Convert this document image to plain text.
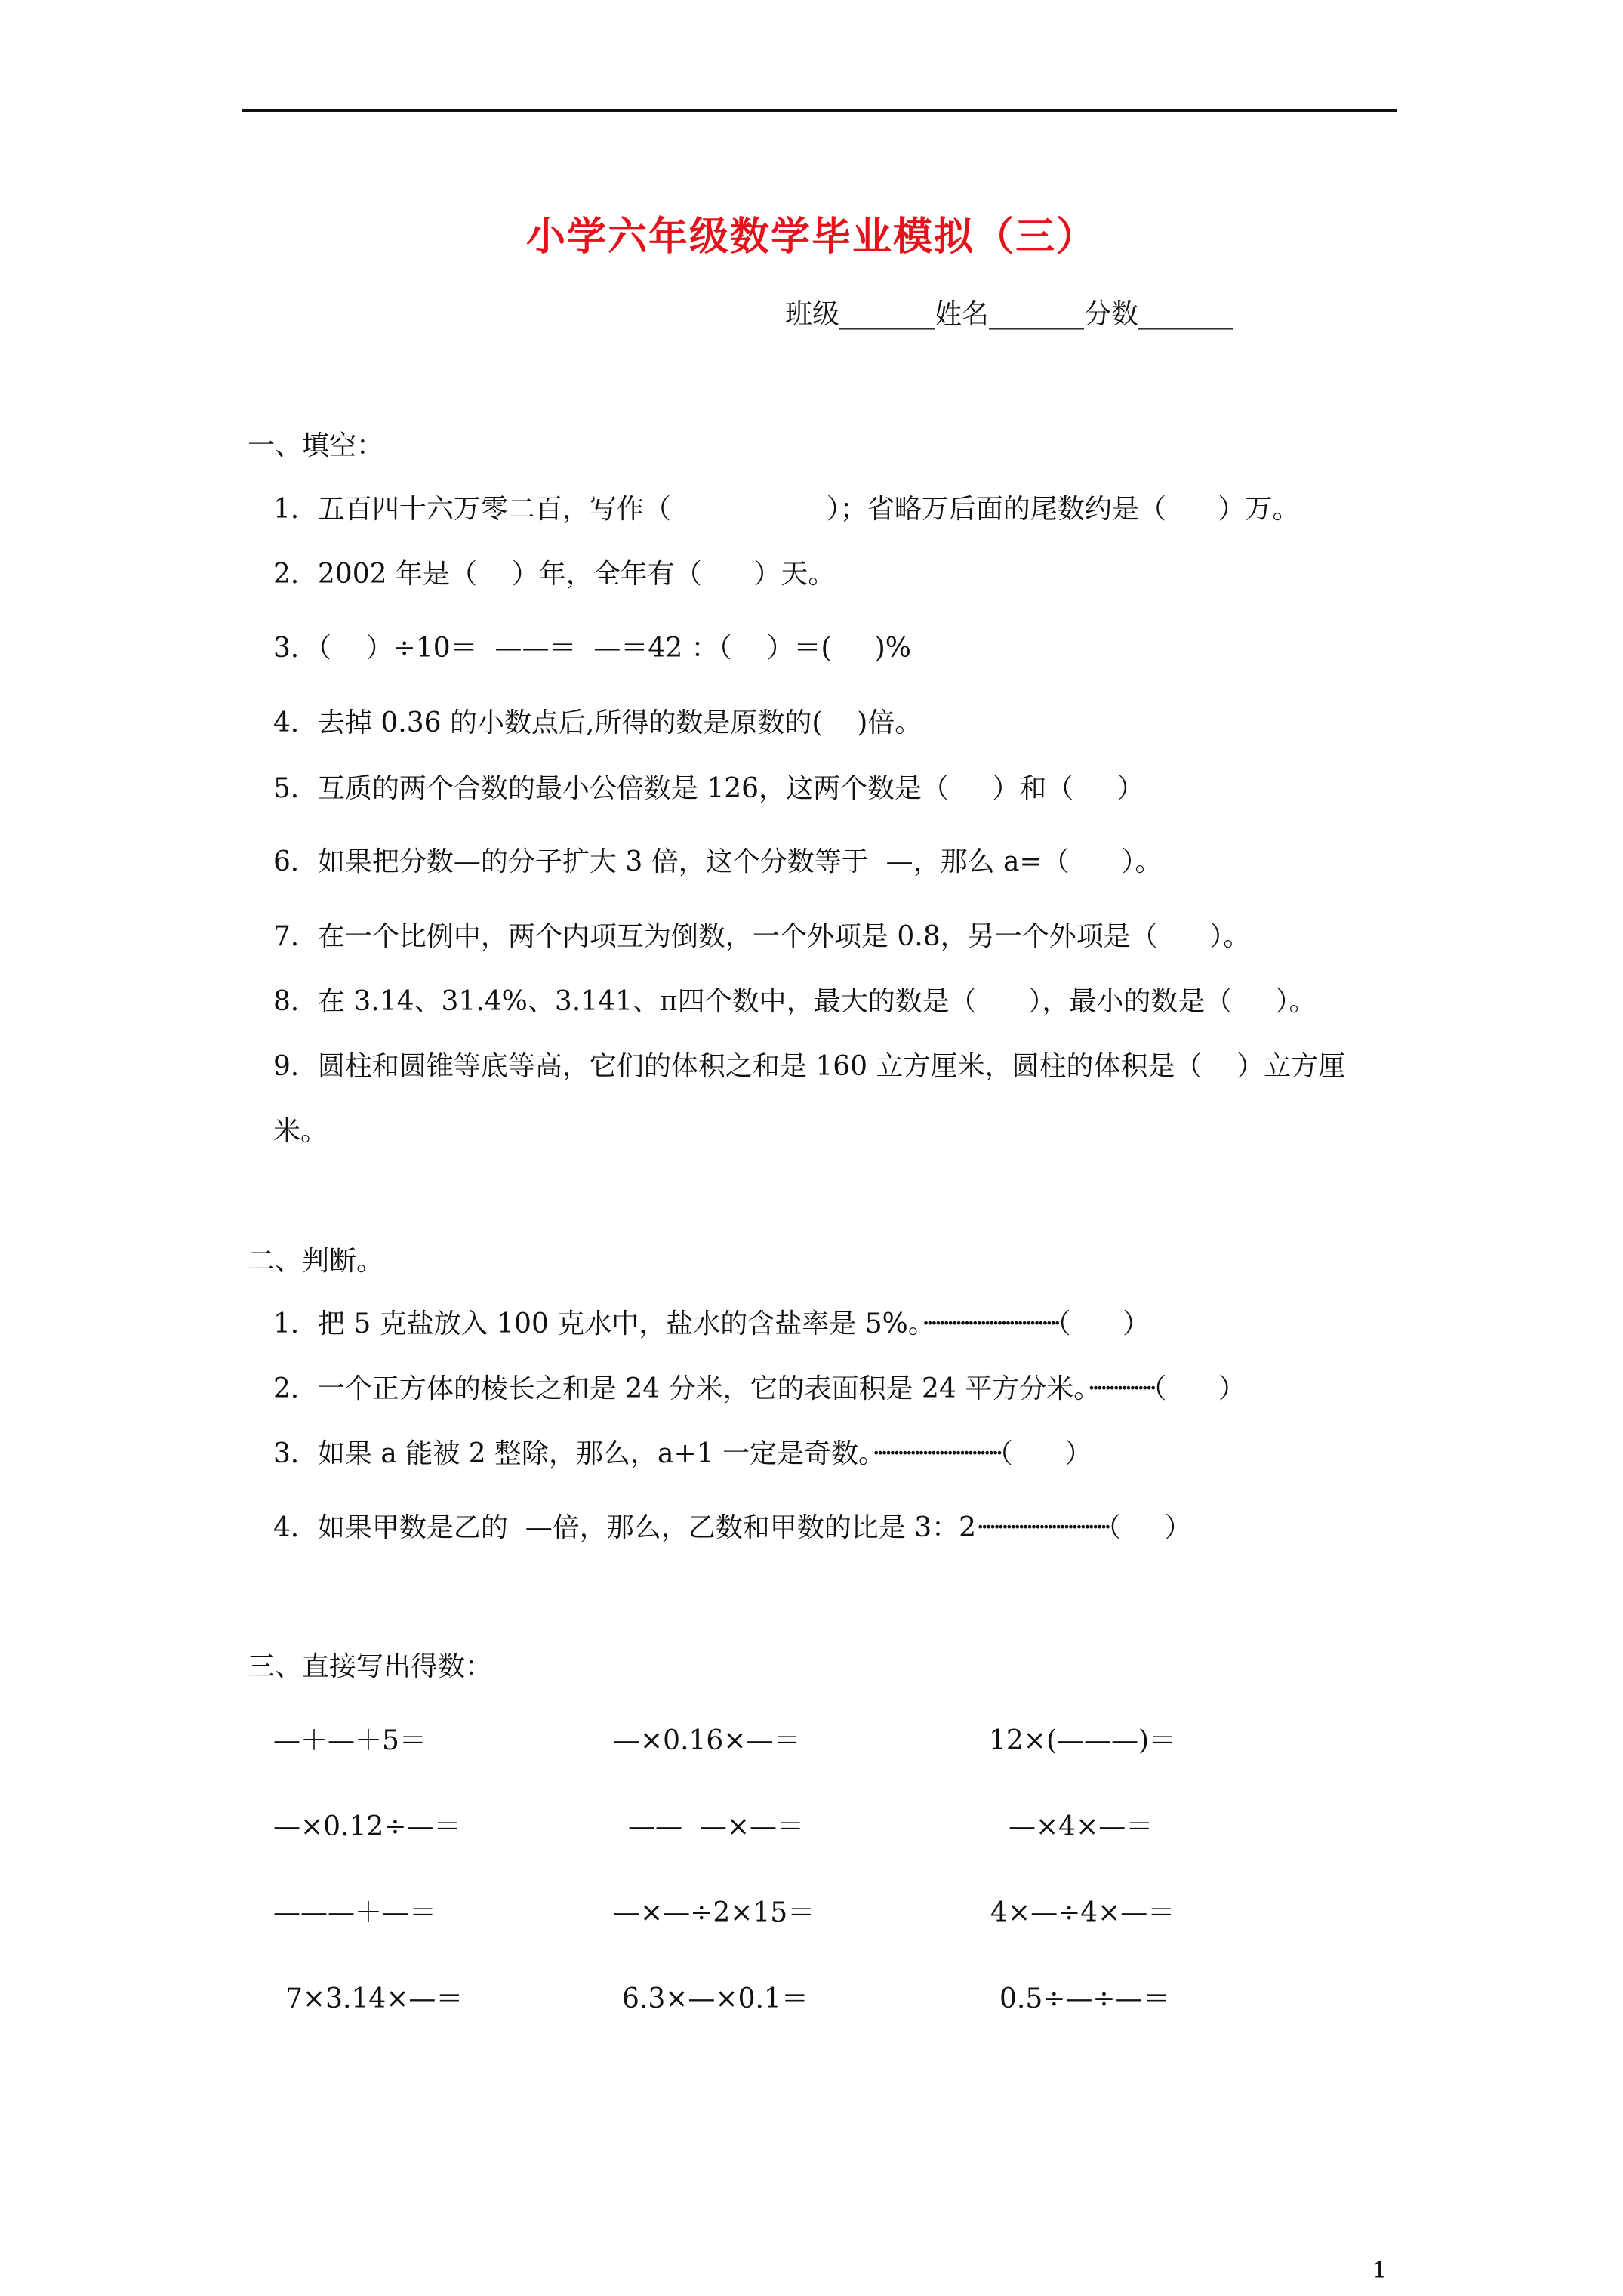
小学六年级数学毕业模拟（三）
班级_______姓名_______分数_______
一、填空：
1．五百四十六万零二百，写作（                  ）；省略万后面的尾数约是（      ）万。
2．2002 年是（    ）年，全年有（      ）天。
3．（    ）÷10＝  ——＝  —＝42 ：（    ）＝(     )%
4．去掉 0.36 的小数点后,所得的数是原数的(    )倍。
5．互质的两个合数的最小公倍数是 126，这两个数是（     ）和（     ）
6．如果把分数—的分子扩大 3 倍，这个分数等于  —，那么 a=（      ）。
7．在一个比例中，两个内项互为倒数，一个外项是 0.8，另一个外项是（      ）。
8．在 3.14、31.4%、3.141、π四个数中，最大的数是（      ），最小的数是（     ）。
9．圆柱和圆锥等底等高，它们的体积之和是 160 立方厘米，圆柱的体积是（    ）立方厘
米。
二、判断。
1．把 5 克盐放入 100 克水中，盐水的含盐率是 5%。·································（      ）
2．一个正方体的棱长之和是 24 分米，它的表面积是 24 平方分米。················（      ）
3．如果 a 能被 2 整除，那么，a+1 一定是奇数。·······························（      ）
4．如果甲数是乙的  —倍，那么，乙数和甲数的比是 3：2································（     ）
三、直接写出得数：
—＋—＋5＝	—×0.16×—＝	12×(———)＝
—×0.12÷—＝	——  —×—＝	—×4×—＝
———＋—＝	—×—÷2×15＝	4×—÷4×—＝
7×3.14×—＝	6.3×—×0.1＝	0.5÷—÷—＝
1
